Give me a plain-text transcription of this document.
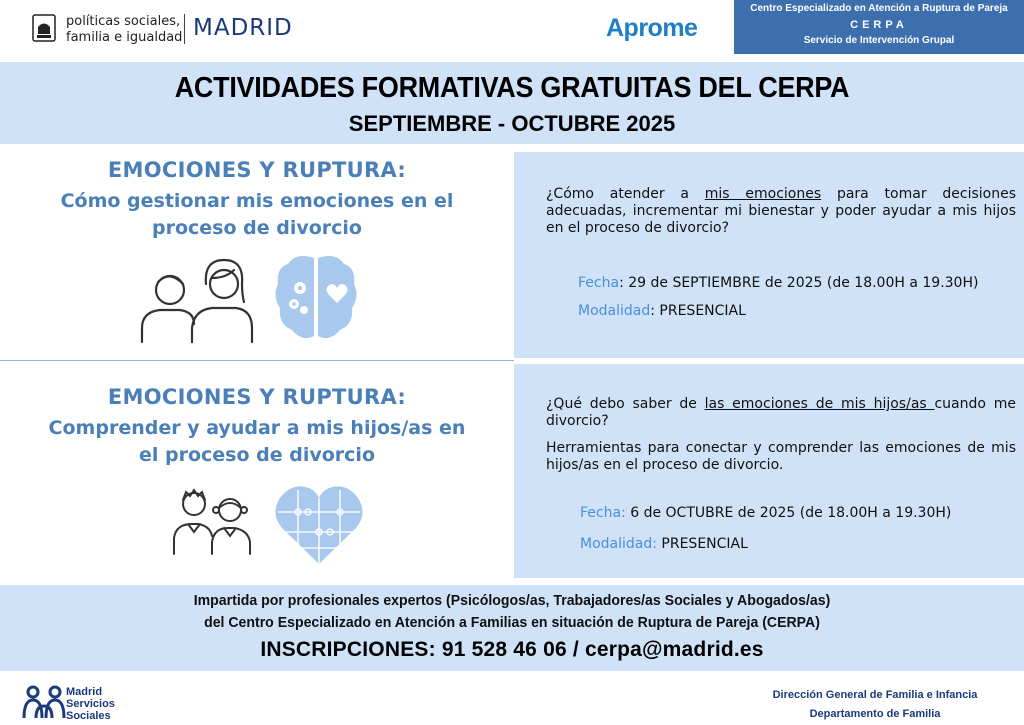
políticas sociales,
familia e igualdad MADRID	Aprome
Centro Especializado en Atención a Ruptura de Pareja
CERPA
Servicio de Intervención Grupal
ACTIVIDADES FORMATIVAS GRATUITAS DEL CERPA
SEPTIEMBRE - OCTUBRE 2025
EMOCIONES Y RUPTURA:
Cómo gestionar mis emociones en el
proceso de divorcio
¿Cómo atender a mis emociones para tomar decisiones adecuadas, incrementar mi bienestar y poder ayudar a mis hijos en el proceso de divorcio?
Fecha: 29 de SEPTIEMBRE de 2025 (de 18.00H a 19.30H)
Modalidad: PRESENCIAL
EMOCIONES Y RUPTURA:
Comprender y ayudar a mis hijos/as en
el proceso de divorcio
¿Qué debo saber de las emociones de mis hijos/as cuando me divorcio?
Herramientas para conectar y comprender las emociones de mis hijos/as en el proceso de divorcio.
Fecha: 6 de OCTUBRE de 2025 (de 18.00H a 19.30H)
Modalidad: PRESENCIAL
Impartida por profesionales expertos (Psicólogos/as, Trabajadores/as Sociales y Abogados/as)
del Centro Especializado en Atención a Familias en situación de Ruptura de Pareja (CERPA)
INSCRIPCIONES: 91 528 46 06 / cerpa@madrid.es
Madrid
Servicios
Sociales
Dirección General de Familia e Infancia
Departamento de Familia
